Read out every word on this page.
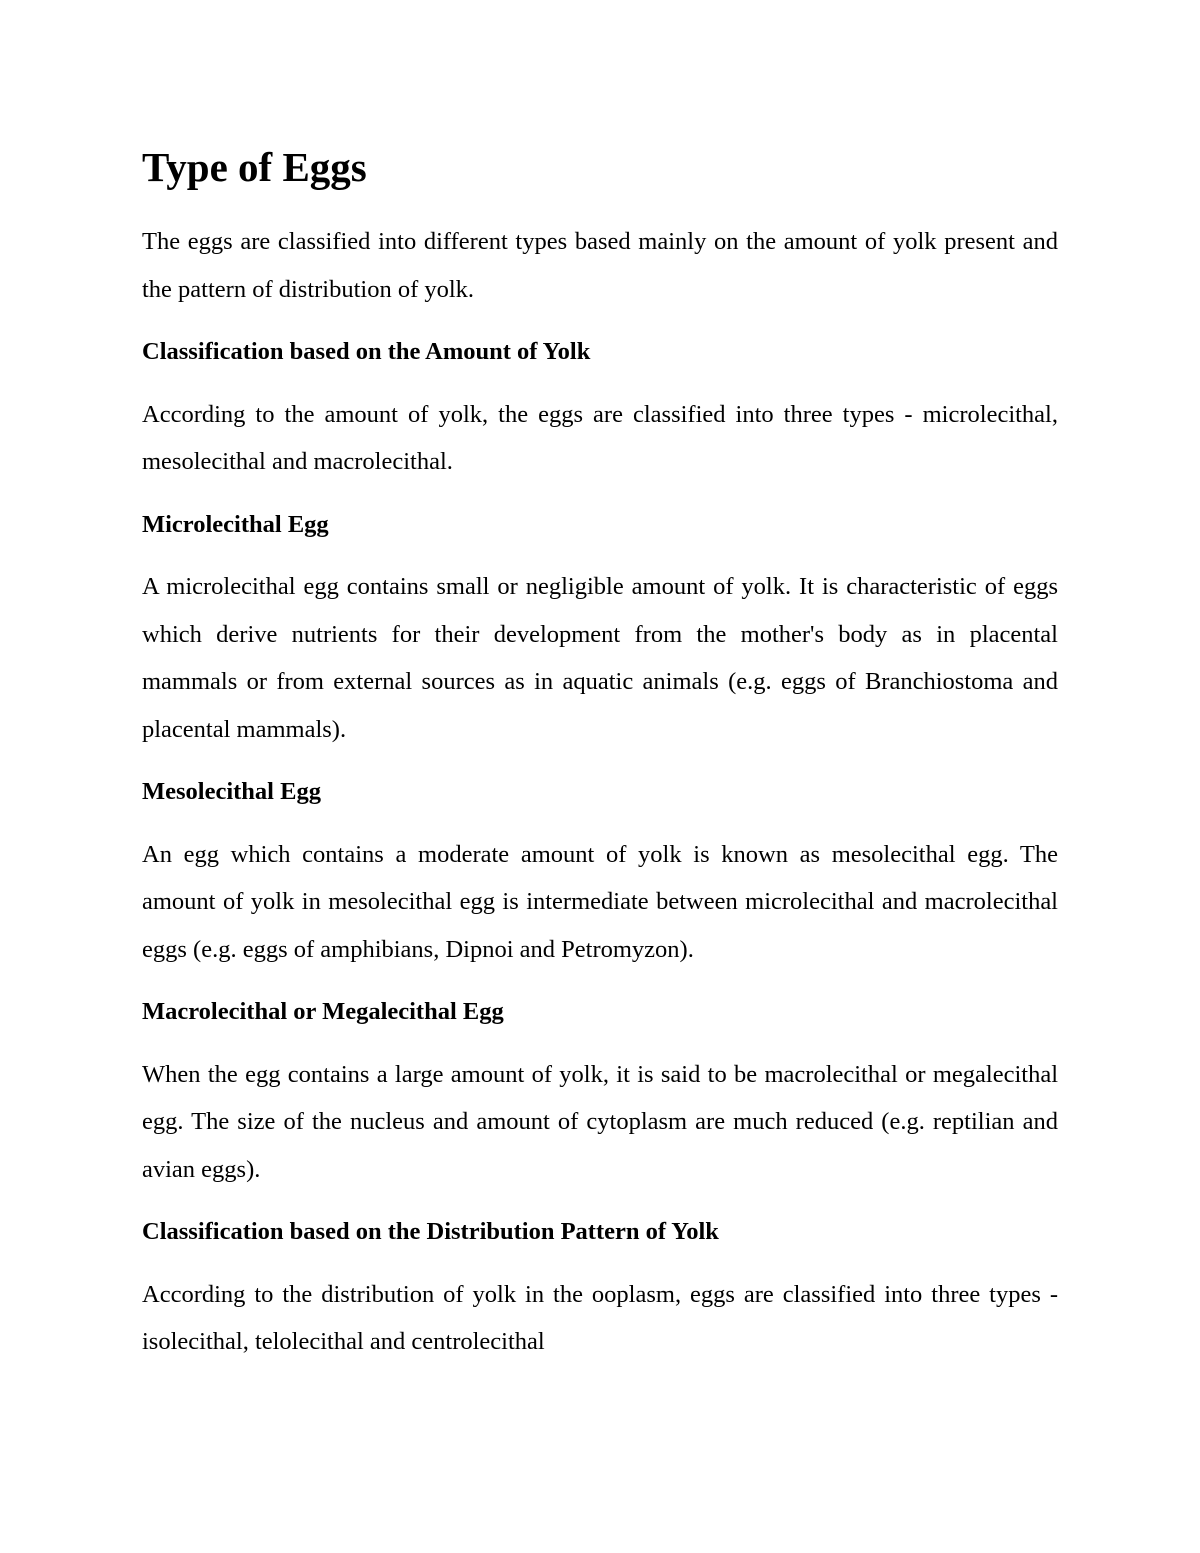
Type of Eggs

The eggs are classified into different types based mainly on the amount of yolk present and the pattern of distribution of yolk.

Classification based on the Amount of Yolk

According to the amount of yolk, the eggs are classified into three types - microlecithal, mesolecithal and macrolecithal.

Microlecithal Egg

A microlecithal egg contains small or negligible amount of yolk. It is characteristic of eggs which derive nutrients for their development from the mother's body as in placental mammals or from external sources as in aquatic animals (e.g. eggs of Branchiostoma and placental mammals).

Mesolecithal Egg

An egg which contains a moderate amount of yolk is known as mesolecithal egg. The amount of yolk in mesolecithal egg is intermediate between microlecithal and macrolecithal eggs (e.g. eggs of amphibians, Dipnoi and Petromyzon).

Macrolecithal or Megalecithal Egg

When the egg contains a large amount of yolk, it is said to be macrolecithal or megalecithal egg. The size of the nucleus and amount of cytoplasm are much reduced (e.g. reptilian and avian eggs).

Classification based on the Distribution Pattern of Yolk

According to the distribution of yolk in the ooplasm, eggs are classified into three types - isolecithal, telolecithal and centrolecithal
